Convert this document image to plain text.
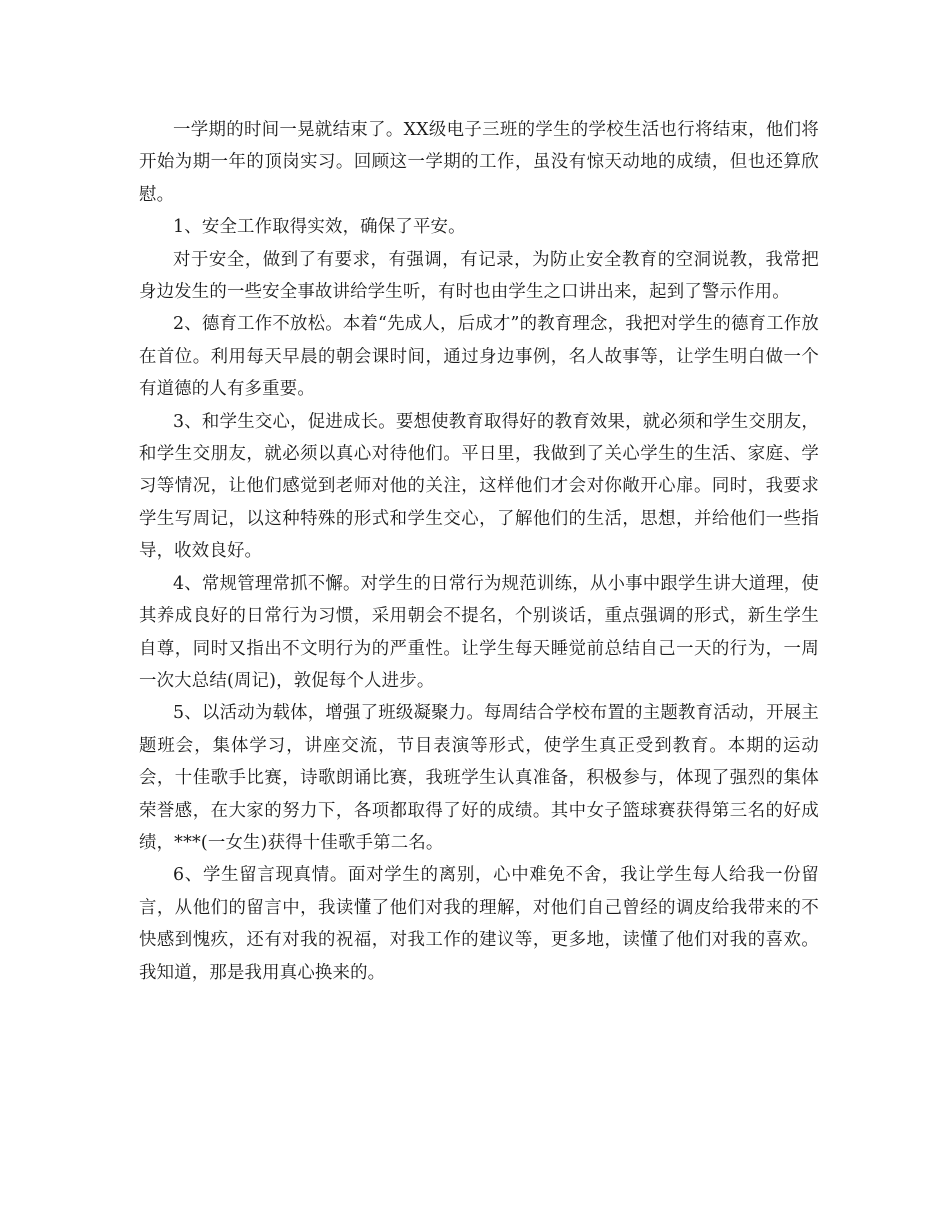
一学期的时间一晃就结束了。XX级电子三班的学生的学校生活也行将结束，他们将开始为期一年的顶岗实习。回顾这一学期的工作，虽没有惊天动地的成绩，但也还算欣慰。

1、安全工作取得实效，确保了平安。

对于安全，做到了有要求，有强调，有记录，为防止安全教育的空洞说教，我常把身边发生的一些安全事故讲给学生听，有时也由学生之口讲出来，起到了警示作用。

2、德育工作不放松。本着“先成人，后成才”的教育理念，我把对学生的德育工作放在首位。利用每天早晨的朝会课时间，通过身边事例，名人故事等，让学生明白做一个有道德的人有多重要。

3、和学生交心，促进成长。要想使教育取得好的教育效果，就必须和学生交朋友，和学生交朋友，就必须以真心对待他们。平日里，我做到了关心学生的生活、家庭、学习等情况，让他们感觉到老师对他的关注，这样他们才会对你敞开心扉。同时，我要求学生写周记，以这种特殊的形式和学生交心，了解他们的生活，思想，并给他们一些指导，收效良好。

4、常规管理常抓不懈。对学生的日常行为规范训练，从小事中跟学生讲大道理，使其养成良好的日常行为习惯，采用朝会不提名，个别谈话，重点强调的形式，新生学生自尊，同时又指出不文明行为的严重性。让学生每天睡觉前总结自己一天的行为，一周一次大总结(周记)，敦促每个人进步。

5、以活动为载体，增强了班级凝聚力。每周结合学校布置的主题教育活动，开展主题班会，集体学习，讲座交流，节目表演等形式，使学生真正受到教育。本期的运动会，十佳歌手比赛，诗歌朗诵比赛，我班学生认真准备，积极参与，体现了强烈的集体荣誉感，在大家的努力下，各项都取得了好的成绩。其中女子篮球赛获得第三名的好成绩，***(一女生)获得十佳歌手第二名。

6、学生留言现真情。面对学生的离别，心中难免不舍，我让学生每人给我一份留言，从他们的留言中，我读懂了他们对我的理解，对他们自己曾经的调皮给我带来的不快感到愧疚，还有对我的祝福，对我工作的建议等，更多地，读懂了他们对我的喜欢。我知道，那是我用真心换来的。
